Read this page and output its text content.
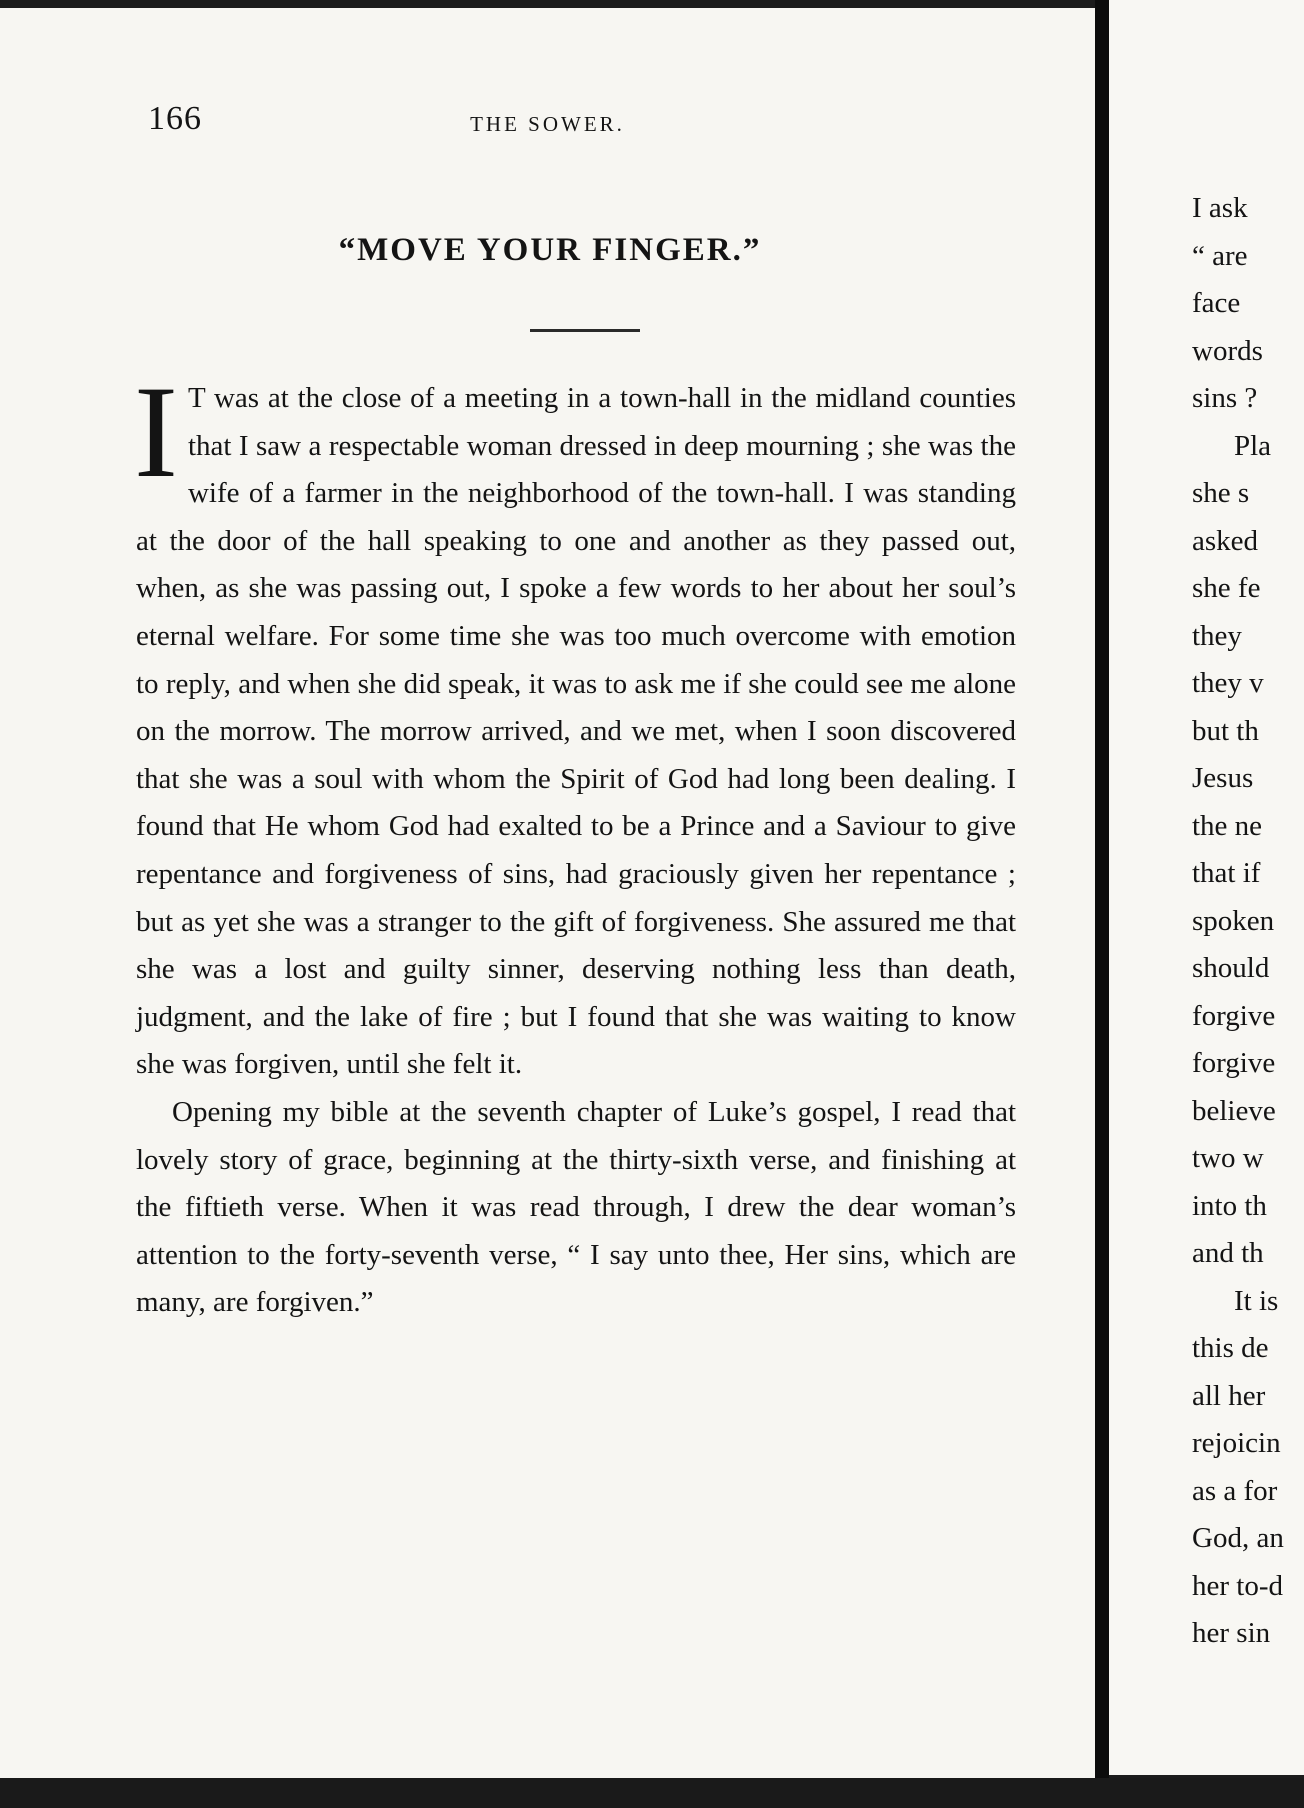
166	THE SOWER.
“MOVE YOUR FINGER.”

I T was at the close of a meeting in a town-hall in the midland counties that I saw a respectable woman dressed in deep mourning ; she was the wife of a farmer in the neighborhood of the town-hall. I was standing at the door of the hall speaking to one and another as they passed out, when, as she was passing out, I spoke a few words to her about her soul’s eternal welfare. For some time she was too much overcome with emotion to reply, and when she did speak, it was to ask me if she could see me alone on the morrow. The morrow arrived, and we met, when I soon discovered that she was a soul with whom the Spirit of God had long been dealing. I found that He whom God had exalted to be a Prince and a Saviour to give repentance and forgiveness of sins, had graciously given her repentance ; but as yet she was a stranger to the gift of forgiveness. She assured me that she was a lost and guilty sinner, deserving nothing less than death, judgment, and the lake of fire ; but I found that she was waiting to know she was forgiven, until she felt it.

Opening my bible at the seventh chapter of Luke’s gospel, I read that lovely story of grace, beginning at the thirty-sixth verse, and finishing at the fiftieth verse. When it was read through, I drew the dear woman’s attention to the forty-seventh verse, “ I say unto thee, Her sins, which are many, are forgiven.”

I ask
“ are
face
words
sins ?
Pla
she s
asked
she fe
they
they v
but th
Jesus
the ne
that if
spoken
should
forgive
forgive
believe
two w
into th
and th
It is
this de
all her
rejoicin
as a for
God, an
her to-d
her sin
